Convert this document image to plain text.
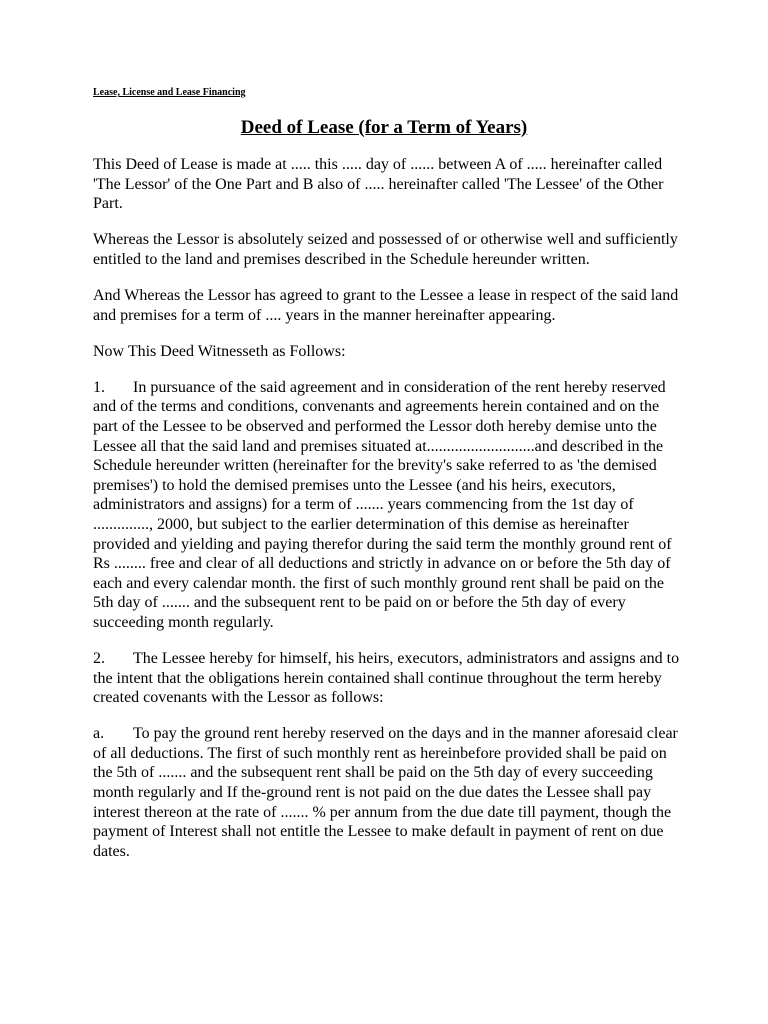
Lease, License and Lease Financing
Deed of Lease (for a Term of Years)

This Deed of Lease is made at ..... this ..... day of ...... between A of ..... hereinafter called 'The Lessor' of the One Part and B also of ..... hereinafter called 'The Lessee' of the Other Part.

Whereas the Lessor is absolutely seized and possessed of or otherwise well and sufficiently entitled to the land and premises described in the Schedule hereunder written.

And Whereas the Lessor has agreed to grant to the Lessee a lease in respect of the said land and premises for a term of .... years in the manner hereinafter appearing.

Now This Deed Witnesseth as Follows:

1. In pursuance of the said agreement and in consideration of the rent hereby reserved and of the terms and conditions, convenants and agreements herein contained and on the part of the Lessee to be observed and performed the Lessor doth hereby demise unto the Lessee all that the said land and premises situated at...........................and described in the Schedule hereunder written (hereinafter for the brevity's sake referred to as 'the demised premises') to hold the demised premises unto the Lessee (and his heirs, executors, administrators and assigns) for a term of ....... years commencing from the 1st day of .............., 2000, but subject to the earlier determination of this demise as hereinafter provided and yielding and paying therefor during the said term the monthly ground rent of Rs ........ free and clear of all deductions and strictly in advance on or before the 5th day of each and every calendar month. the first of such monthly ground rent shall be paid on the 5th day of ....... and the subsequent rent to be paid on or before the 5th day of every succeeding month regularly.

2. The Lessee hereby for himself, his heirs, executors, administrators and assigns and to the intent that the obligations herein contained shall continue throughout the term hereby created covenants with the Lessor as follows:

a. To pay the ground rent hereby reserved on the days and in the manner aforesaid clear of all deductions. The first of such monthly rent as hereinbefore provided shall be paid on the 5th of ....... and the subsequent rent shall be paid on the 5th day of every succeeding month regularly and If the-ground rent is not paid on the due dates the Lessee shall pay interest thereon at the rate of ....... % per annum from the due date till payment, though the payment of Interest shall not entitle the Lessee to make default in payment of rent on due dates.
